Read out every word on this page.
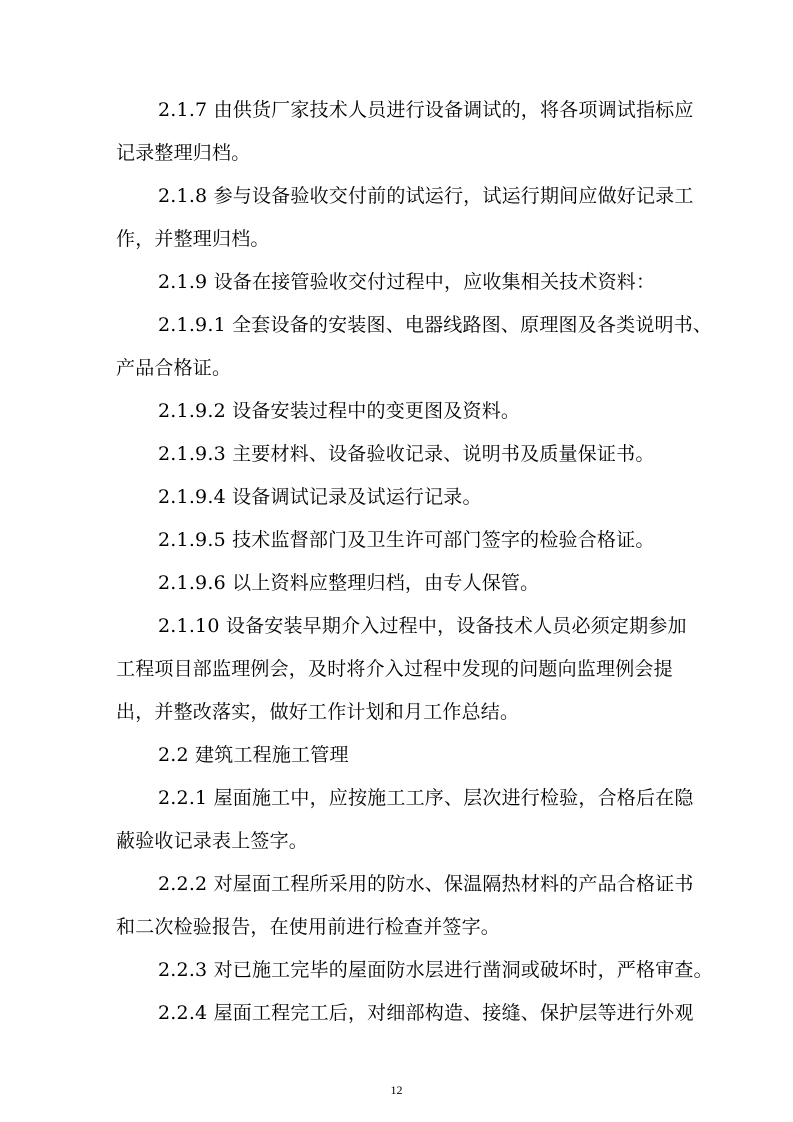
2.1.7 由供货厂家技术人员进行设备调试的，将各项调试指标应
记录整理归档。
2.1.8 参与设备验收交付前的试运行，试运行期间应做好记录工
作，并整理归档。
2.1.9 设备在接管验收交付过程中，应收集相关技术资料：
2.1.9.1 全套设备的安装图、电器线路图、原理图及各类说明书、
产品合格证。
2.1.9.2 设备安装过程中的变更图及资料。
2.1.9.3 主要材料、设备验收记录、说明书及质量保证书。
2.1.9.4 设备调试记录及试运行记录。
2.1.9.5 技术监督部门及卫生许可部门签字的检验合格证。
2.1.9.6 以上资料应整理归档，由专人保管。
2.1.10 设备安装早期介入过程中，设备技术人员必须定期参加
工程项目部监理例会，及时将介入过程中发现的问题向监理例会提
出，并整改落实，做好工作计划和月工作总结。
2.2 建筑工程施工管理
2.2.1 屋面施工中，应按施工工序、层次进行检验，合格后在隐
蔽验收记录表上签字。
2.2.2 对屋面工程所采用的防水、保温隔热材料的产品合格证书
和二次检验报告，在使用前进行检查并签字。
2.2.3 对已施工完毕的屋面防水层进行凿洞或破坏时，严格审查。
2.2.4 屋面工程完工后，对细部构造、接缝、保护层等进行外观
12
